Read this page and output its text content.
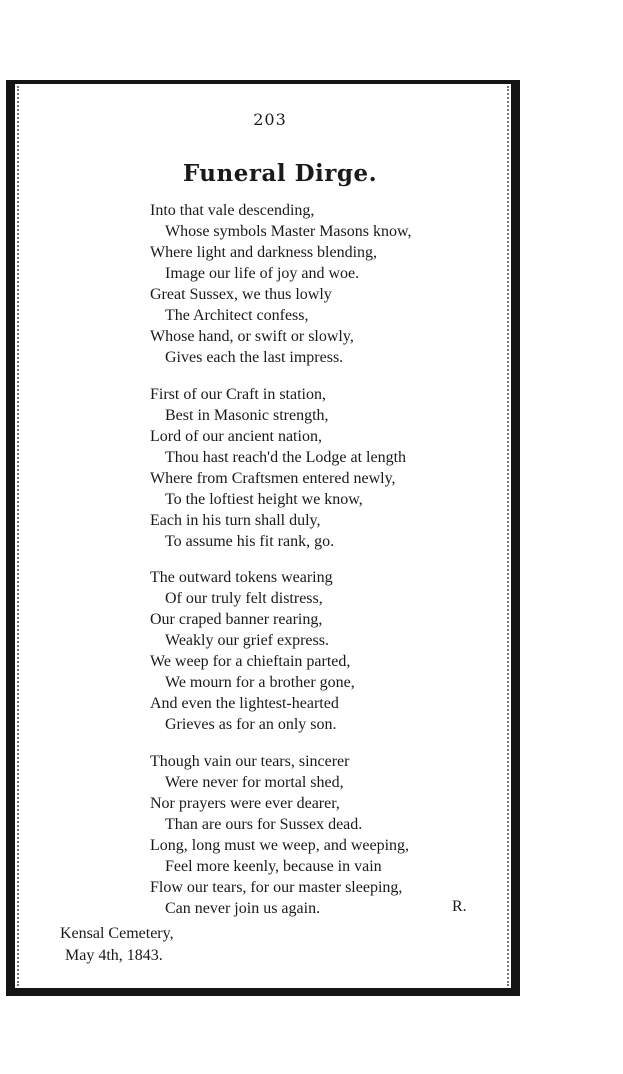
203
Funeral Dirge.
Into that vale descending,
Whose symbols Master Masons know,
Where light and darkness blending,
Image our life of joy and woe.
Great Sussex, we thus lowly
The Architect confess,
Whose hand, or swift or slowly,
Gives each the last impress.
First of our Craft in station,
Best in Masonic strength,
Lord of our ancient nation,
Thou hast reach'd the Lodge at length
Where from Craftsmen entered newly,
To the loftiest height we know,
Each in his turn shall duly,
To assume his fit rank, go.
The outward tokens wearing
Of our truly felt distress,
Our craped banner rearing,
Weakly our grief express.
We weep for a chieftain parted,
We mourn for a brother gone,
And even the lightest-hearted
Grieves as for an only son.
Though vain our tears, sincerer
Were never for mortal shed,
Nor prayers were ever dearer,
Than are ours for Sussex dead.
Long, long must we weep, and weeping,
Feel more keenly, because in vain
Flow our tears, for our master sleeping,
Can never join us again.	R.
Kensal Cemetery,
May 4th, 1843.
